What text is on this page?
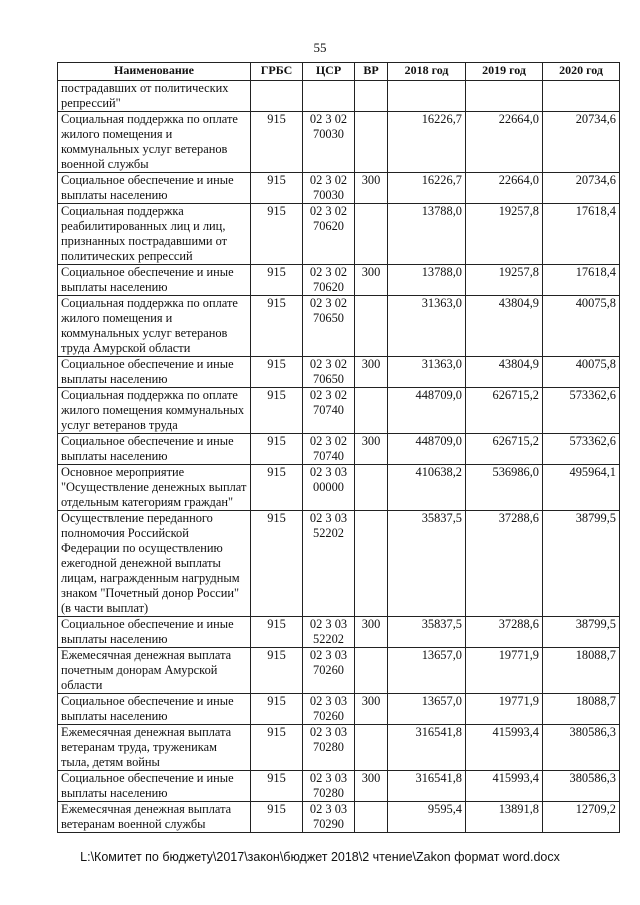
55
Наименование	ГРБС	ЦСР	ВР	2018 год	2019 год	2020 год
пострадавших от политических репрессий"						
Социальная поддержка по оплате жилого помещения и коммунальных услуг ветеранов военной службы	915	02 3 02 70030		16226,7	22664,0	20734,6
Социальное обеспечение и иные выплаты населению	915	02 3 02 70030	300	16226,7	22664,0	20734,6
Социальная поддержка реабилитированных лиц и лиц, признанных пострадавшими от политических репрессий	915	02 3 02 70620		13788,0	19257,8	17618,4
Социальное обеспечение и иные выплаты населению	915	02 3 02 70620	300	13788,0	19257,8	17618,4
Социальная поддержка по оплате жилого помещения и коммунальных услуг ветеранов труда Амурской области	915	02 3 02 70650		31363,0	43804,9	40075,8
Социальное обеспечение и иные выплаты населению	915	02 3 02 70650	300	31363,0	43804,9	40075,8
Социальная поддержка по оплате жилого помещения коммунальных услуг ветеранов труда	915	02 3 02 70740		448709,0	626715,2	573362,6
Социальное обеспечение и иные выплаты населению	915	02 3 02 70740	300	448709,0	626715,2	573362,6
Основное мероприятие "Осуществление денежных выплат отдельным категориям граждан"	915	02 3 03 00000		410638,2	536986,0	495964,1
Осуществление переданного полномочия Российской Федерации по осуществлению ежегодной денежной выплаты лицам, награжденным нагрудным знаком "Почетный донор России" (в части выплат)	915	02 3 03 52202		35837,5	37288,6	38799,5
Социальное обеспечение и иные выплаты населению	915	02 3 03 52202	300	35837,5	37288,6	38799,5
Ежемесячная денежная выплата почетным донорам Амурской области	915	02 3 03 70260		13657,0	19771,9	18088,7
Социальное обеспечение и иные выплаты населению	915	02 3 03 70260	300	13657,0	19771,9	18088,7
Ежемесячная денежная выплата ветеранам труда, труженикам тыла, детям войны	915	02 3 03 70280		316541,8	415993,4	380586,3
Социальное обеспечение и иные выплаты населению	915	02 3 03 70280	300	316541,8	415993,4	380586,3
Ежемесячная денежная выплата ветеранам военной службы	915	02 3 03 70290		9595,4	13891,8	12709,2
L:\Комитет по бюджету\2017\закон\бюджет 2018\2 чтение\Zakon формат word.docx
